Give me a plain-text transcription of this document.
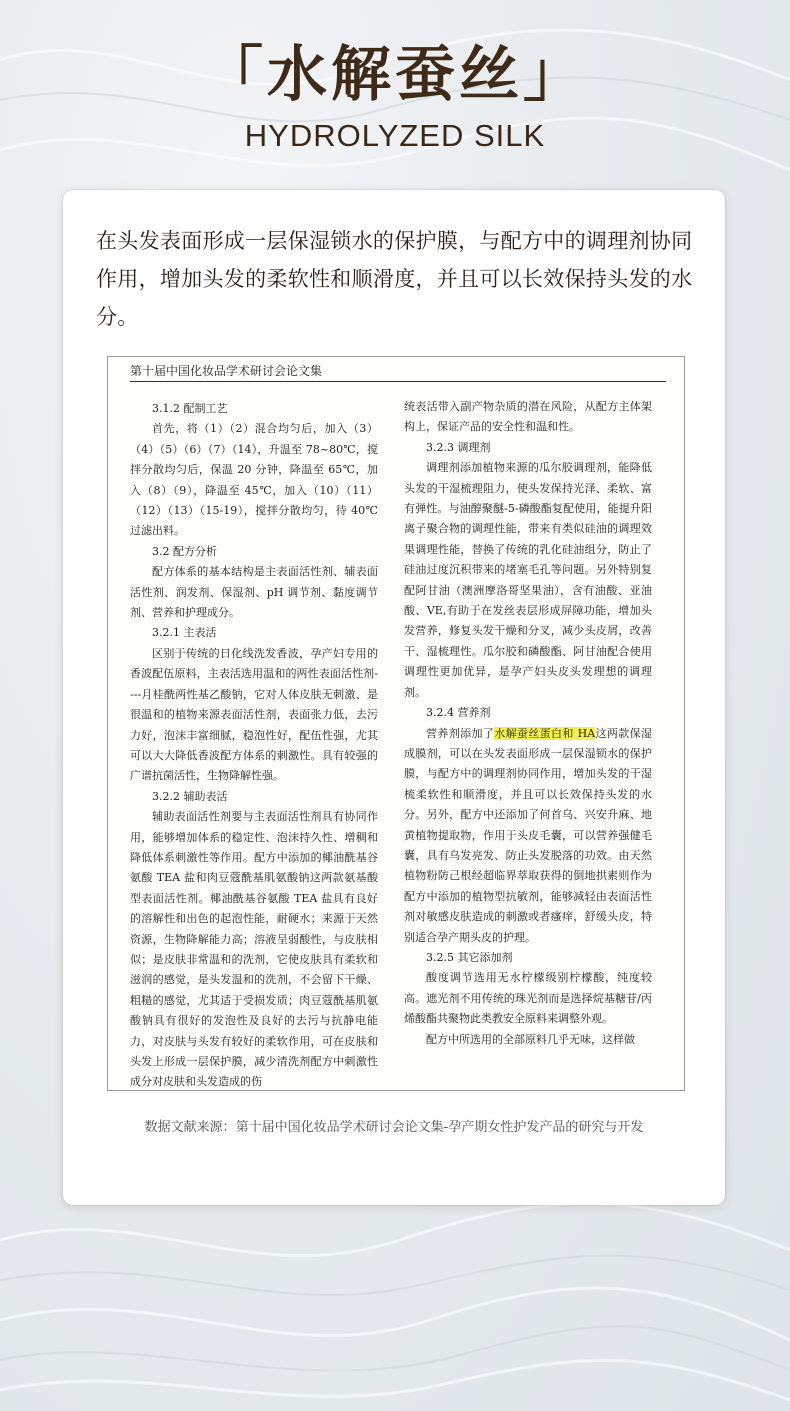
「水解蚕丝」
HYDROLYZED SILK
在头发表面形成一层保湿锁水的保护膜，与配方中的调理剂协同作用，增加头发的柔软性和顺滑度，并且可以长效保持头发的水分。
第十届中国化妆品学术研讨会论文集

3.1.2 配制工艺

首先，将（1）（2）混合均匀后，加入（3）（4）（5）（6）（7）（14），升温至 78~80℃，搅拌分散均匀后，保温 20 分钟，降温至 65℃，加入（8）（9），降温至 45℃，加入（10）（11）（12）（13）（15-19），搅拌分散均匀，待 40℃过滤出料。

3.2 配方分析

配方体系的基本结构是主表面活性剂、辅表面活性剂、润发剂、保湿剂、pH 调节剂、黏度调节剂、营养和护理成分。

3.2.1 主表活

区别于传统的日化线洗发香波，孕产妇专用的香波配伍原料，主表活选用温和的两性表面活性剂----月桂酰两性基乙酸钠，它对人体皮肤无刺激、是很温和的植物来源表面活性剂，表面张力低，去污力好，泡沫丰富细腻，稳泡性好，配伍性强，尤其可以大大降低香波配方体系的刺激性。具有较强的广谱抗菌活性，生物降解性强。

3.2.2 辅助表活

辅助表面活性剂要与主表面活性剂具有协同作用，能够增加体系的稳定性、泡沫持久性、增稠和降低体系刺激性等作用。配方中添加的椰油酰基谷氨酸 TEA 盐和肉豆蔻酰基肌氨酸钠这两款氨基酸型表面活性剂。椰油酰基谷氨酸 TEA 盐具有良好的溶解性和出色的起泡性能，耐硬水；来源于天然资源，生物降解能力高；溶液呈弱酸性，与皮肤相似；是皮肤非常温和的洗剂，它使皮肤具有柔软和滋润的感觉，是头发温和的洗剂，不会留下干燥、粗糙的感觉，尤其适于受损发质；肉豆蔻酰基肌氨酸钠具有很好的发泡性及良好的去污与抗静电能力，对皮肤与头发有较好的柔软作用，可在皮肤和头发上形成一层保护膜，减少清洗剂配方中刺激性成分对皮肤和头发造成的伤

统表活带入副产物杂质的潜在风险，从配方主体架构上，保证产品的安全性和温和性。

3.2.3 调理剂

调理剂添加植物来源的瓜尔胶调理剂，能降低头发的干湿梳理阻力，使头发保持光泽、柔软、富有弹性。与油醇聚醚-5-磷酸酯复配使用，能提升阳离子聚合物的调理性能，带来有类似硅油的调理效果调理性能，替换了传统的乳化硅油组分，防止了硅油过度沉积带来的堵塞毛孔等问题。另外特别复配阿甘油（澳洲摩洛哥坚果油），含有油酸、亚油酸、VE,有助于在发丝表层形成屏障功能，增加头发营养，修复头发干燥和分叉，减少头皮屑，改善干、湿梳理性。瓜尔胶和磷酸酯、阿甘油配合使用调理性更加优异，是孕产妇头皮头发理想的调理剂。

3.2.4 营养剂

营养剂添加了水解蚕丝蛋白和 HA这两款保湿成膜剂，可以在头发表面形成一层保湿锁水的保护膜，与配方中的调理剂协同作用，增加头发的干湿梳柔软性和顺滑度，并且可以长效保持头发的水分。另外，配方中还添加了何首乌、兴安升麻、地黄植物提取物，作用于头皮毛囊，可以营养强健毛囊，具有乌发亮发、防止头发脱落的功效。由天然植物粉防己根经超临界萃取获得的倒地拱素则作为配方中添加的植物型抗敏剂，能够减轻由表面活性剂对敏感皮肤造成的刺激或者瘙痒，舒缓头皮，特别适合孕产期头皮的护理。

3.2.5 其它添加剂

酸度调节选用无水柠檬级别柠檬酸，纯度较高。遮光剂不用传统的珠光剂而是选择烷基糖苷/丙烯酸酯共聚物此类教安全原料来调整外观。

配方中所选用的全部原料几乎无味，这样做

数据文献来源：第十届中国化妆品学术研讨会论文集-孕产期女性护发产品的研究与开发
